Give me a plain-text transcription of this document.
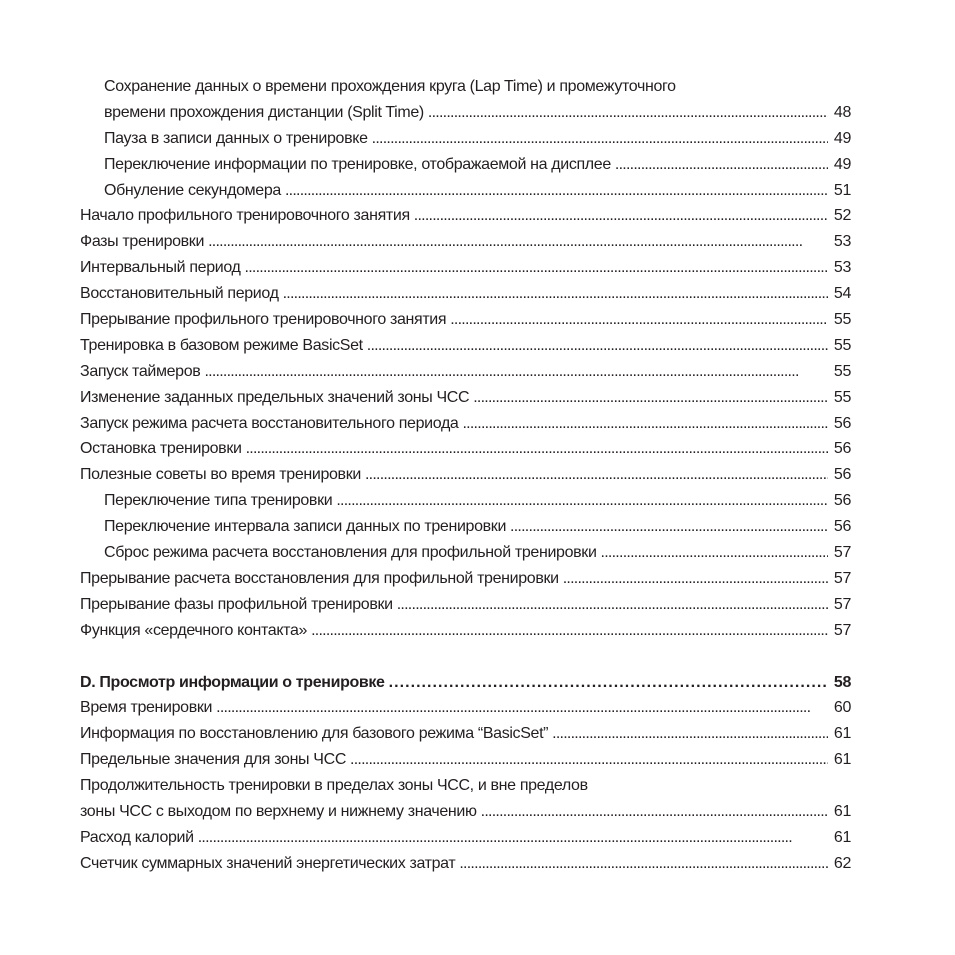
Сохранение данных о времени прохождения круга (Lap Time) и промежуточного
времени прохождения дистанции (Split Time) . . .	48
Пауза в записи данных о тренировке . . .	49
Переключение информации по тренировке, отображаемой на дисплее . . .	49
Обнуление секундомера . . .	51
Начало профильного тренировочного занятия . . .	52
Фазы тренировки . . .	53
Интервальный период . . .	53
Восстановительный период . . .	54
Прерывание профильного тренировочного занятия . . .	55
Тренировка в базовом режиме BasicSet . . .	55
Запуск таймеров . . .	55
Изменение заданных предельных значений зоны ЧСС . . .	55
Запуск режима расчета восстановительного периода . . .	56
Остановка тренировки . . .	56
Полезные советы во время тренировки . . .	56
Переключение типа тренировки . . .	56
Переключение интервала записи данных по тренировки . . .	56
Сброс режима расчета восстановления для профильной тренировки . . .	57
Прерывание расчета восстановления для профильной тренировки . . .	57
Прерывание фазы профильной тренировки . . .	57
Функция «сердечного контакта» . . .	57
D. Просмотр информации о тренировке . . .	58
Время тренировки . . .	60
Информация по восстановлению для базового режима “BasicSet” . . .	61
Предельные значения для зоны ЧСС . . .	61
Продолжительность тренировки в пределах зоны ЧСС, и вне пределов
зоны ЧСС с выходом по верхнему и нижнему значению . . .	61
Расход калорий . . .	61
Счетчик суммарных значений энергетических затрат . . .	62
